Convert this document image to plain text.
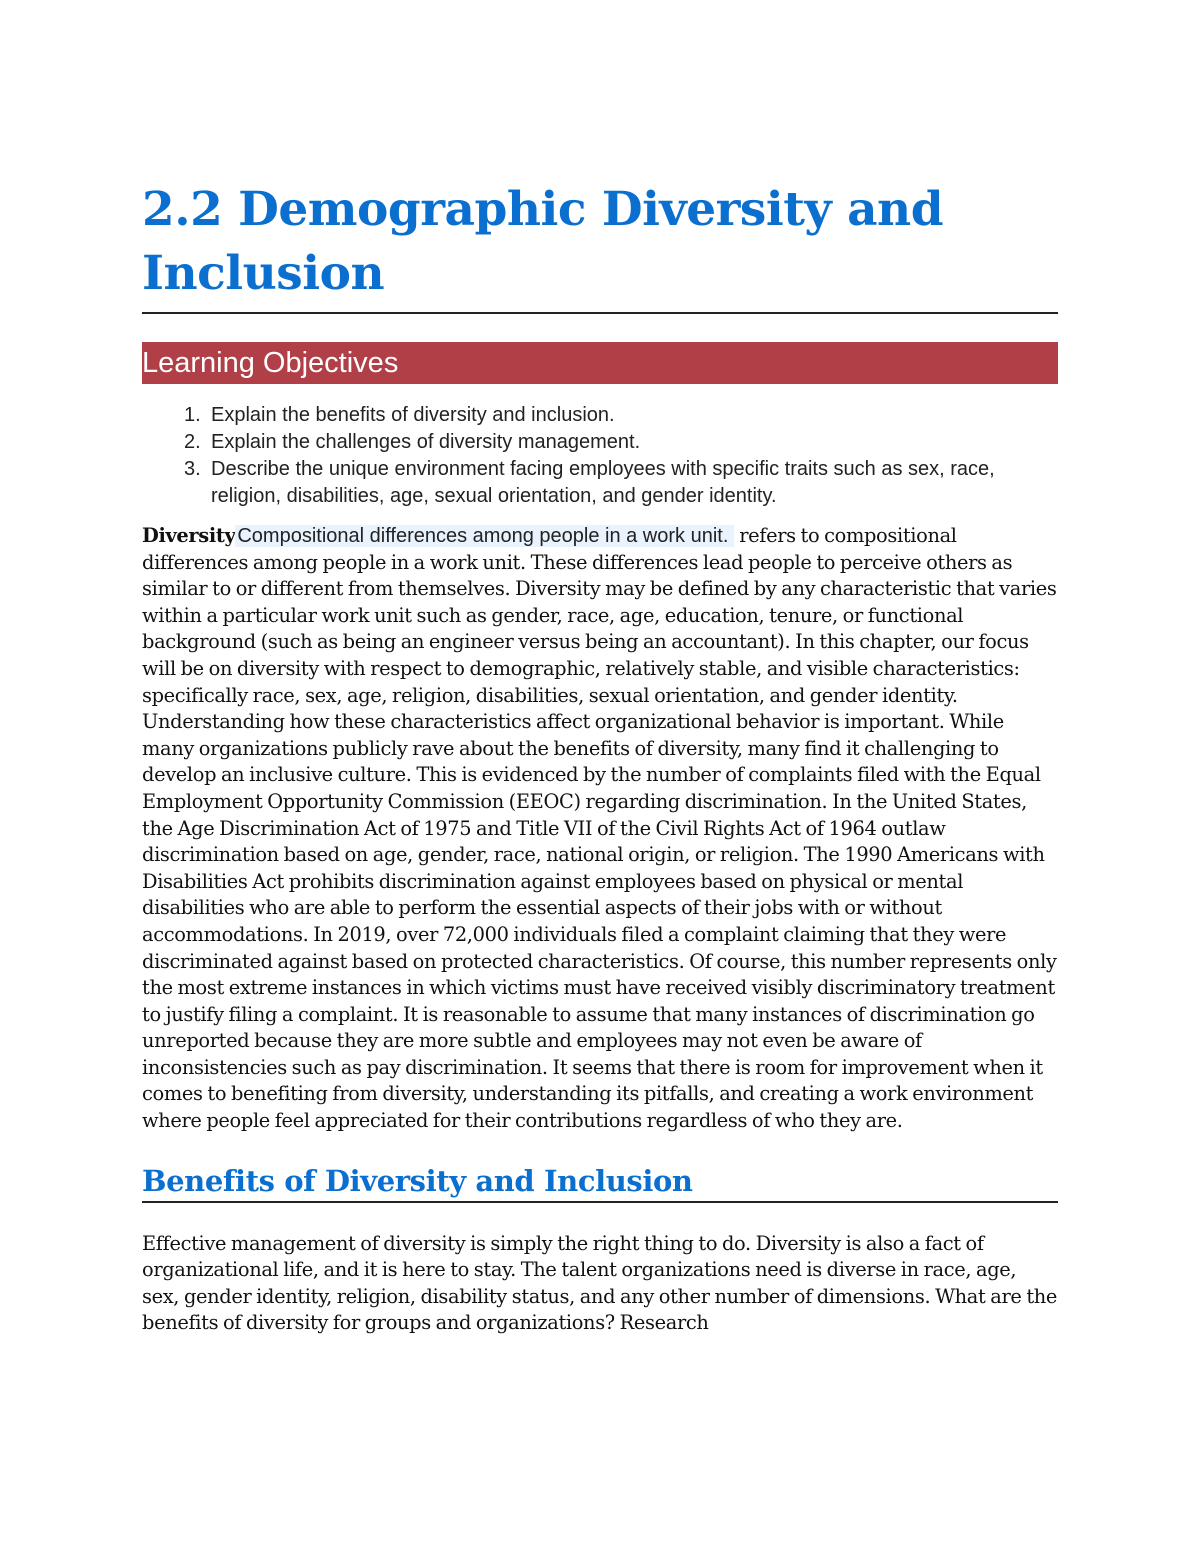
2.2 Demographic Diversity and Inclusion
Learning Objectives
1. Explain the benefits of diversity and inclusion.
2. Explain the challenges of diversity management.
3. Describe the unique environment facing employees with specific traits such as sex, race, religion, disabilities, age, sexual orientation, and gender identity.

Diversity Compositional differences among people in a work unit. refers to compositional differences among people in a work unit. These differences lead people to perceive others as similar to or different from themselves. Diversity may be defined by any characteristic that varies within a particular work unit such as gender, race, age, education, tenure, or functional background (such as being an engineer versus being an accountant). In this chapter, our focus will be on diversity with respect to demographic, relatively stable, and visible characteristics: specifically race, sex, age, religion, disabilities, sexual orientation, and gender identity. Understanding how these characteristics affect organizational behavior is important. While many organizations publicly rave about the benefits of diversity, many find it challenging to develop an inclusive culture. This is evidenced by the number of complaints filed with the Equal Employment Opportunity Commission (EEOC) regarding discrimination. In the United States, the Age Discrimination Act of 1975 and Title VII of the Civil Rights Act of 1964 outlaw discrimination based on age, gender, race, national origin, or religion. The 1990 Americans with Disabilities Act prohibits discrimination against employees based on physical or mental disabilities who are able to perform the essential aspects of their jobs with or without accommodations. In 2019, over 72,000 individuals filed a complaint claiming that they were discriminated against based on protected characteristics. Of course, this number represents only the most extreme instances in which victims must have received visibly discriminatory treatment to justify filing a complaint. It is reasonable to assume that many instances of discrimination go unreported because they are more subtle and employees may not even be aware of inconsistencies such as pay discrimination. It seems that there is room for improvement when it comes to benefiting from diversity, understanding its pitfalls, and creating a work environment where people feel appreciated for their contributions regardless of who they are.

Benefits of Diversity and Inclusion

Effective management of diversity is simply the right thing to do. Diversity is also a fact of organizational life, and it is here to stay. The talent organizations need is diverse in race, age, sex, gender identity, religion, disability status, and any other number of dimensions. What are the benefits of diversity for groups and organizations? Research
